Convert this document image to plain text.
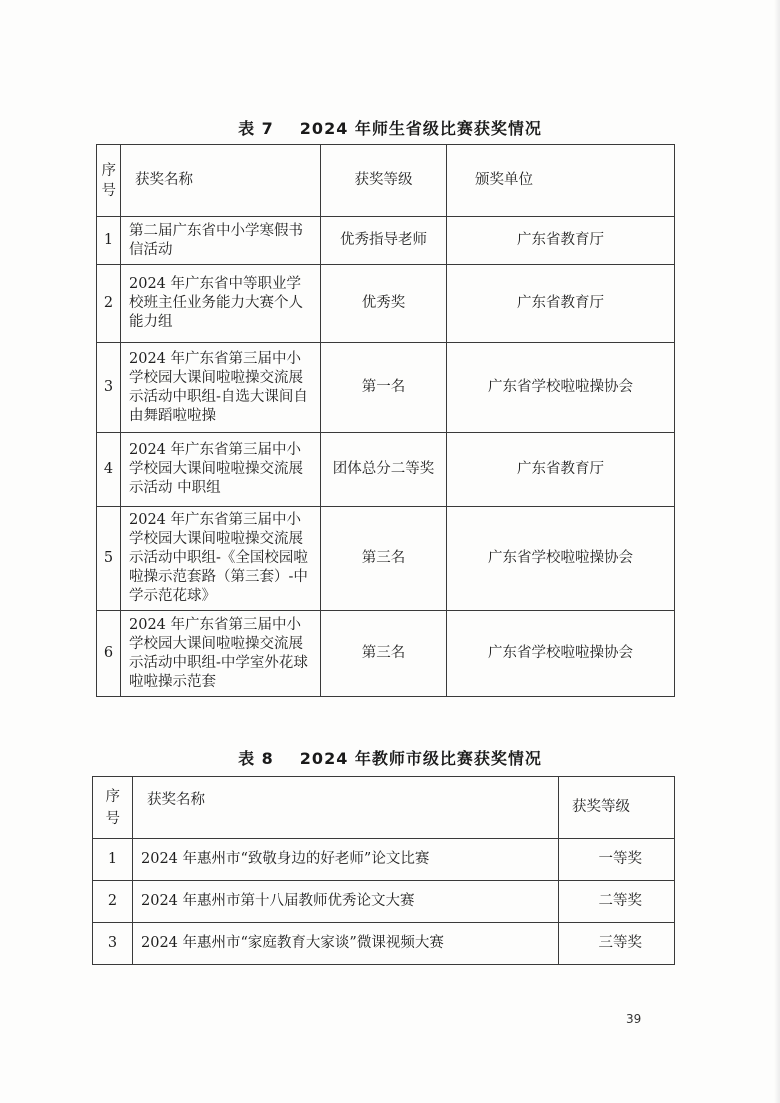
表 7 2024 年师生省级比赛获奖情况
序号	获奖名称	获奖等级	颁奖单位
1	第二届广东省中小学寒假书信活动	优秀指导老师	广东省教育厅
2	2024 年广东省中等职业学校班主任业务能力大赛个人能力组	优秀奖	广东省教育厅
3	2024 年广东省第三届中小学校园大课间啦啦操交流展示活动中职组-自选大课间自由舞蹈啦啦操	第一名	广东省学校啦啦操协会
4	2024 年广东省第三届中小学校园大课间啦啦操交流展示活动 中职组	团体总分二等奖	广东省教育厅
5	2024 年广东省第三届中小学校园大课间啦啦操交流展示活动中职组-《全国校园啦啦操示范套路（第三套）-中学示范花球》	第三名	广东省学校啦啦操协会
6	2024 年广东省第三届中小学校园大课间啦啦操交流展示活动中职组-中学室外花球啦啦操示范套	第三名	广东省学校啦啦操协会
表 8 2024 年教师市级比赛获奖情况
序号	获奖名称	获奖等级
1	2024 年惠州市“致敬身边的好老师”论文比赛	一等奖
2	2024 年惠州市第十八届教师优秀论文大赛	二等奖
3	2024 年惠州市“家庭教育大家谈”微课视频大赛	三等奖
39
